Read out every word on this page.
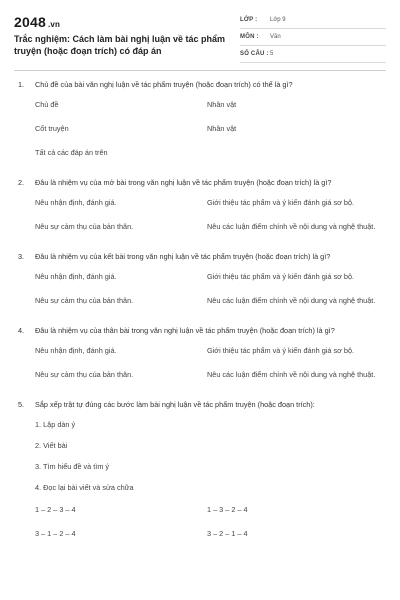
2048 .vn
Trắc nghiệm: Cách làm bài nghị luận về tác phẩm truyện (hoặc đoạn trích) có đáp án
LỚP :	Lớp 9
MÔN :	Văn
SỐ CÂU : 5
1.	Chủ đề của bài văn nghị luận về tác phẩm truyện (hoặc đoạn trích) có thể là gì?
Chủ đề	Nhân vật
Cốt truyện	Nhân vật
Tất cả các đáp án trên
2.	Đâu là nhiệm vụ của mở bài trong văn nghị luận về tác phẩm truyện (hoặc đoạn trích) là gì?
Nêu nhận định, đánh giá.	Giới thiệu tác phẩm và ý kiến đánh giá sơ bộ.
Nêu sự cảm thụ của bản thân.	Nêu các luận điểm chính về nội dung và nghệ thuật.
3.	Đâu là nhiệm vụ của kết bài trong văn nghị luận về tác phẩm truyện (hoặc đoạn trích) là gì?
Nêu nhận định, đánh giá.	Giới thiệu tác phẩm và ý kiến đánh giá sơ bộ.
Nêu sự cảm thụ của bản thân.	Nêu các luận điểm chính về nội dung và nghệ thuật.
4.	Đâu là nhiệm vụ của thân bài trong văn nghị luận về tác phẩm truyện (hoặc đoạn trích) là gì?
Nêu nhận định, đánh giá.	Giới thiệu tác phẩm và ý kiến đánh giá sơ bộ.
Nêu sự cảm thụ của bản thân.	Nêu các luận điểm chính về nội dung và nghệ thuật.
5.	Sắp xếp trật tự đúng các bước làm bài nghị luận về tác phẩm truyện (hoặc đoạn trích):
1. Lập dàn ý
2. Viết bài
3. Tìm hiểu đề và tìm ý
4. Đọc lại bài viết và sửa chữa
1 – 2 – 3 – 4	1 – 3 – 2 – 4
3 – 1 – 2 – 4	3 – 2 – 1 – 4
